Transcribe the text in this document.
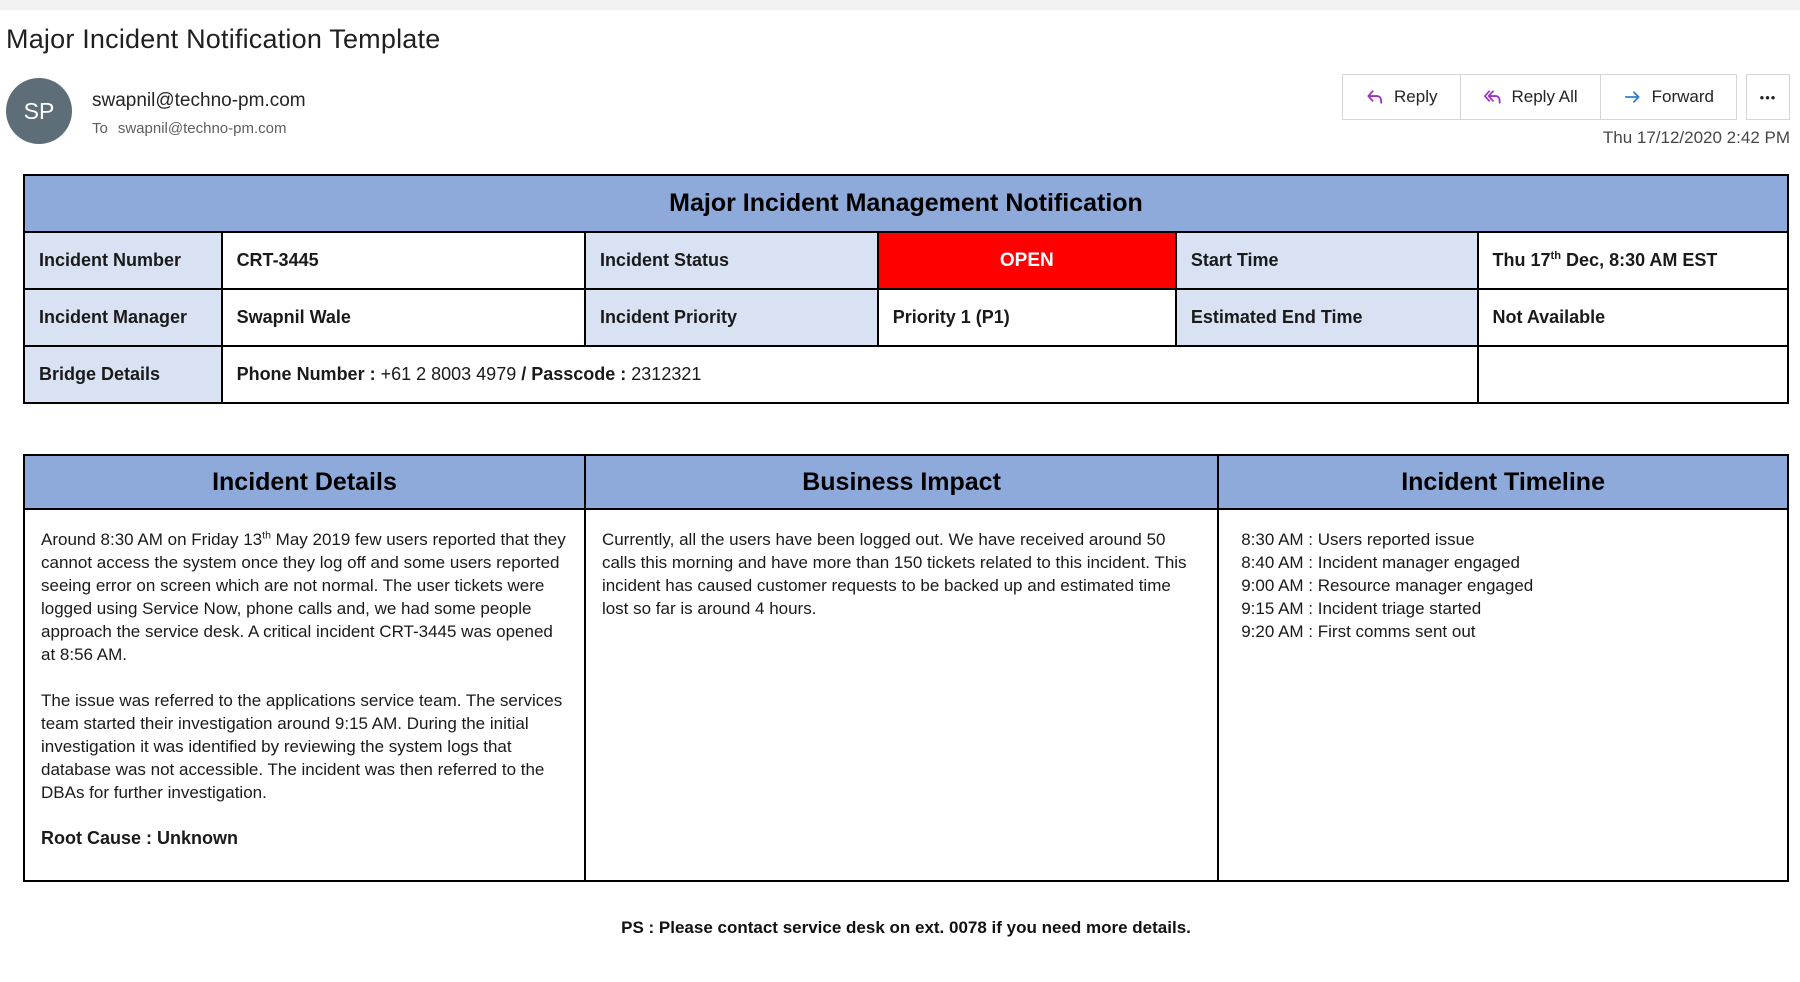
Major Incident Notification Template
SP swapnil@techno-pm.com
To swapnil@techno-pm.com
Reply	Reply All	Forward	•••
Thu 17/12/2020 2:42 PM
Major Incident Management Notification					
Incident Number	CRT-3445	Incident Status	OPEN	Start Time	Thu 17th Dec, 8:30 AM EST
Incident Manager	Swapnil Wale	Incident Priority	Priority 1 (P1)	Estimated End Time	Not Available
Bridge Details	Phone Number : +61 2 8003 4979 / Passcode : 2312321				
Incident Details	Business Impact	Incident Timeline

Around 8:30 AM on Friday 13th May 2019 few users reported that they cannot access the system once they log off and some users reported seeing error on screen which are not normal. The user tickets were logged using Service Now, phone calls and, we had some people approach the service desk. A critical incident CRT-3445 was opened at 8:56 AM.
The issue was referred to the applications service team. The services team started their investigation around 9:15 AM. During the initial investigation it was identified by reviewing the system logs that database was not accessible. The incident was then referred to the DBAs for further investigation.
Root Cause : Unknown

Currently, all the users have been logged out. We have received around 50 calls this morning and have more than 150 tickets related to this incident. This incident has caused customer requests to be backed up and estimated time lost so far is around 4 hours.

8:30 AM : Users reported issue
8:40 AM : Incident manager engaged
9:00 AM : Resource manager engaged
9:15 AM : Incident triage started
9:20 AM : First comms sent out
PS : Please contact service desk on ext. 0078 if you need more details.
